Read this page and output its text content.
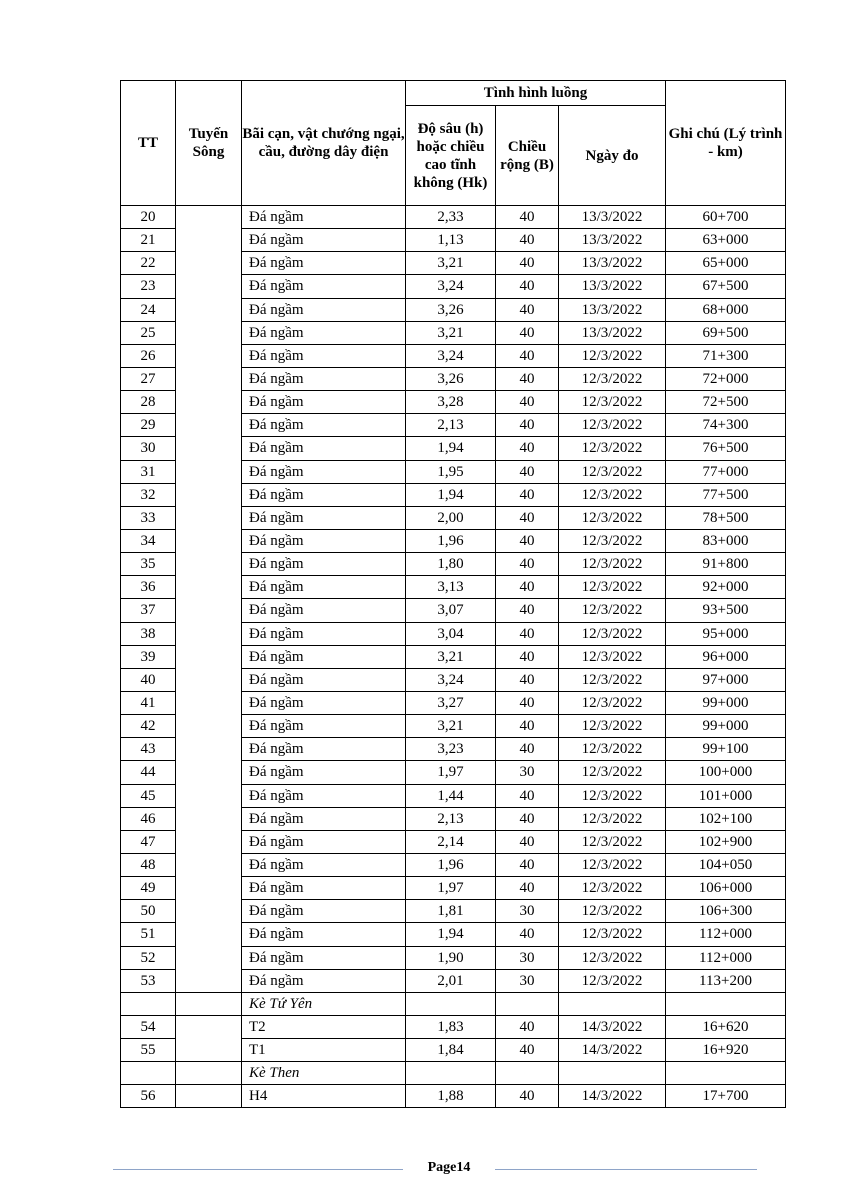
TT	Tuyến Sông	Bãi cạn, vật chướng ngại, cầu, đường dây điện	Tình hình luồng			Ghi chú (Lý trình - km)
			Độ sâu (h) hoặc chiều cao tĩnh không (Hk)	Chiều rộng (B)	Ngày đo	
20		Đá ngầm	2,33	40	13/3/2022	60+700
21		Đá ngầm	1,13	40	13/3/2022	63+000
22		Đá ngầm	3,21	40	13/3/2022	65+000
23		Đá ngầm	3,24	40	13/3/2022	67+500
24		Đá ngầm	3,26	40	13/3/2022	68+000
25		Đá ngầm	3,21	40	13/3/2022	69+500
26		Đá ngầm	3,24	40	12/3/2022	71+300
27		Đá ngầm	3,26	40	12/3/2022	72+000
28		Đá ngầm	3,28	40	12/3/2022	72+500
29		Đá ngầm	2,13	40	12/3/2022	74+300
30		Đá ngầm	1,94	40	12/3/2022	76+500
31		Đá ngầm	1,95	40	12/3/2022	77+000
32		Đá ngầm	1,94	40	12/3/2022	77+500
33		Đá ngầm	2,00	40	12/3/2022	78+500
34		Đá ngầm	1,96	40	12/3/2022	83+000
35		Đá ngầm	1,80	40	12/3/2022	91+800
36		Đá ngầm	3,13	40	12/3/2022	92+000
37		Đá ngầm	3,07	40	12/3/2022	93+500
38		Đá ngầm	3,04	40	12/3/2022	95+000
39		Đá ngầm	3,21	40	12/3/2022	96+000
40		Đá ngầm	3,24	40	12/3/2022	97+000
41		Đá ngầm	3,27	40	12/3/2022	99+000
42		Đá ngầm	3,21	40	12/3/2022	99+000
43		Đá ngầm	3,23	40	12/3/2022	99+100
44		Đá ngầm	1,97	30	12/3/2022	100+000
45		Đá ngầm	1,44	40	12/3/2022	101+000
46		Đá ngầm	2,13	40	12/3/2022	102+100
47		Đá ngầm	2,14	40	12/3/2022	102+900
48		Đá ngầm	1,96	40	12/3/2022	104+050
49		Đá ngầm	1,97	40	12/3/2022	106+000
50		Đá ngầm	1,81	30	12/3/2022	106+300
51		Đá ngầm	1,94	40	12/3/2022	112+000
52		Đá ngầm	1,90	30	12/3/2022	112+000
53		Đá ngầm	2,01	30	12/3/2022	113+200
		Kè Tứ Yên				
54		T2	1,83	40	14/3/2022	16+620
55		T1	1,84	40	14/3/2022	16+920
		Kè Then				
56		H4	1,88	40	14/3/2022	17+700
Page14
